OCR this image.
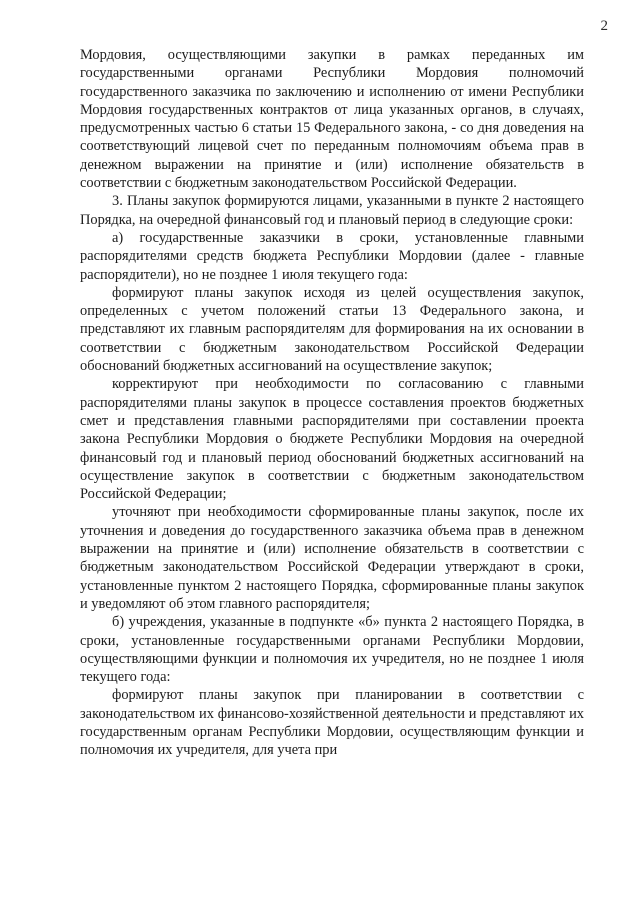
2

Мордовия, осуществляющими закупки в рамках переданных им государственными органами Республики Мордовия полномочий государственного заказчика по заключению и исполнению от имени Республики Мордовия государственных контрактов от лица указанных органов, в случаях, предусмотренных частью 6 статьи 15 Федерального закона, - со дня доведения на соответствующий лицевой счет по переданным полномочиям объема прав в денежном выражении на принятие и (или) исполнение обязательств в соответствии с бюджетным законодательством Российской Федерации.

3. Планы закупок формируются лицами, указанными в пункте 2 настоящего Порядка, на очередной финансовый год и плановый период в следующие сроки:

а) государственные заказчики в сроки, установленные главными распорядителями средств бюджета Республики Мордовии (далее - главные распорядители), но не позднее 1 июля текущего года:

формируют планы закупок исходя из целей осуществления закупок, определенных с учетом положений статьи 13 Федерального закона, и представляют их главным распорядителям для формирования на их основании в соответствии с бюджетным законодательством Российской Федерации обоснований бюджетных ассигнований на осуществление закупок;

корректируют при необходимости по согласованию с главными распорядителями планы закупок в процессе составления проектов бюджетных смет и представления главными распорядителями при составлении проекта закона Республики Мордовия о бюджете Республики Мордовия на очередной финансовый год и плановый период обоснований бюджетных ассигнований на осуществление закупок в соответствии с бюджетным законодательством Российской Федерации;

уточняют при необходимости сформированные планы закупок, после их уточнения и доведения до государственного заказчика объема прав в денежном выражении на принятие и (или) исполнение обязательств в соответствии с бюджетным законодательством Российской Федерации утверждают в сроки, установленные пунктом 2 настоящего Порядка, сформированные планы закупок и уведомляют об этом главного распорядителя;

б) учреждения, указанные в подпункте «б» пункта 2 настоящего Порядка, в сроки, установленные государственными органами Республики Мордовии, осуществляющими функции и полномочия их учредителя, но не позднее 1 июля текущего года:

формируют планы закупок при планировании в соответствии с законодательством их финансово-хозяйственной деятельности и представляют их государственным органам Республики Мордовии, осуществляющим функции и полномочия их учредителя, для учета при
